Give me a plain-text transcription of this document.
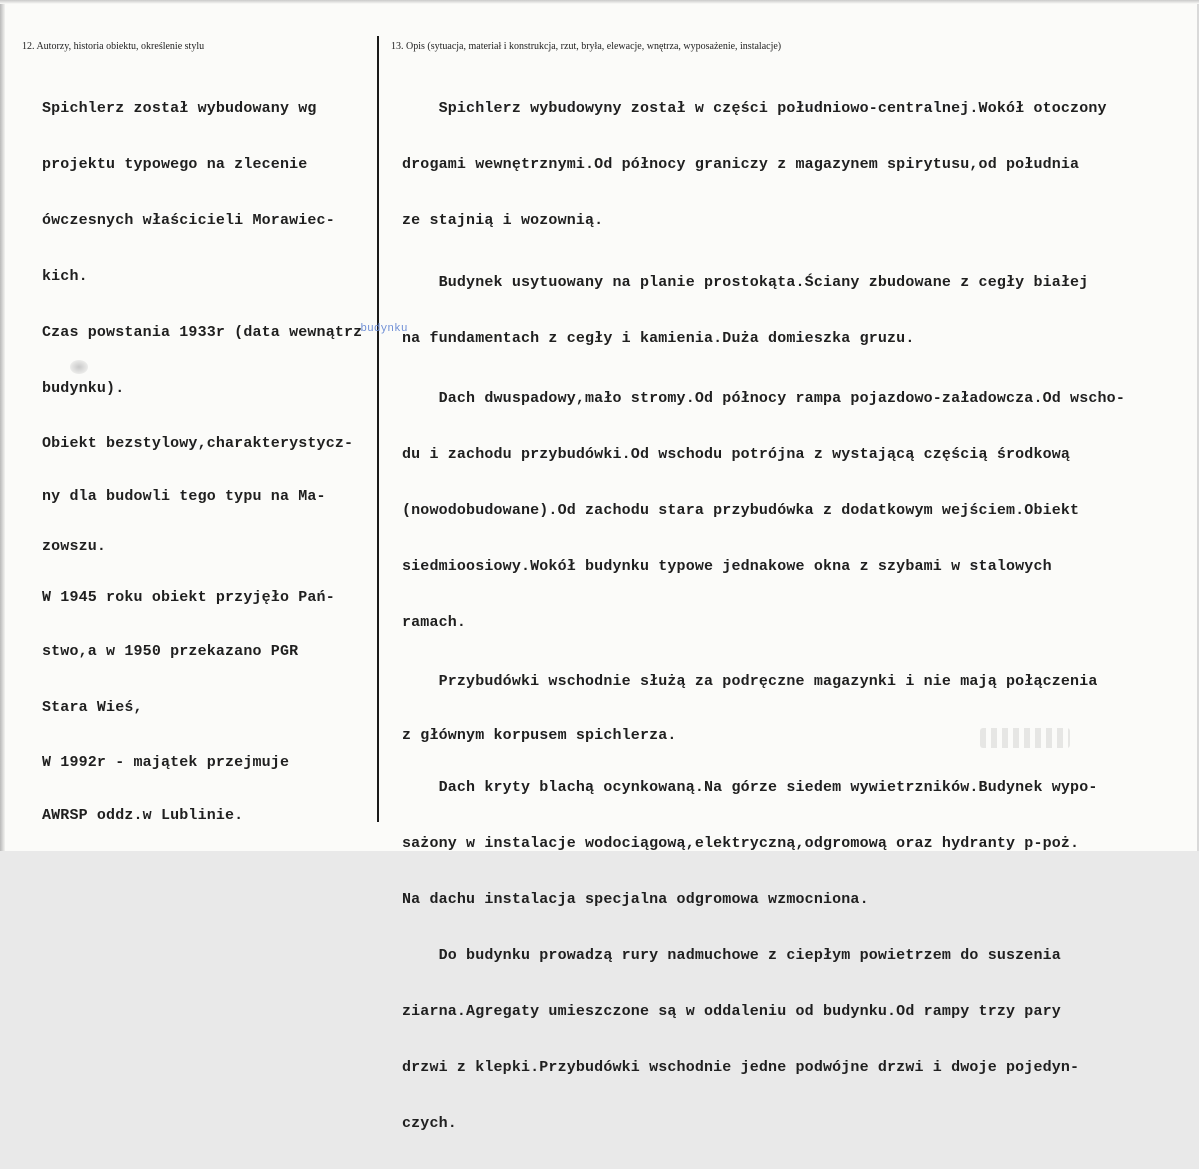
12. Autorzy, historia obiektu, określenie stylu	13. Opis (sytuacja, materiał i konstrukcja, rzut, bryła, elewacje, wnętrza, wyposażenie, instalacje)

Spichlerz został wybudowany wg

projektu typowego na zlecenie

ówczesnych właścicieli Morawiec-

kich.

Czas powstania 1933r (data wewnątrz$^{budynku}$

budynku).

Obiekt bezstylowy,charakterystycz-

ny dla budowli tego typu na Ma-

zowszu.

W 1945 roku obiekt przyjęło Pań-

stwo,a w 1950 przekazano PGR

Stara Wieś,

W 1992r - majątek przejmuje

AWRSP oddz.w Lublinie.

Spichlerz wybudowyny został w części południowo-centralnej.Wokół otoczony

drogami wewnętrznymi.Od północy graniczy z magazynem spirytusu,od południa

ze stajnią i wozownią.

Budynek usytuowany na planie prostokąta.Ściany zbudowane z cegły białej

na fundamentach z cegły i kamienia.Duża domieszka gruzu.

Dach dwuspadowy,mało stromy.Od północy rampa pojazdowo-załadowcza.Od wscho-

du i zachodu przybudówki.Od wschodu potrójna z wystającą częścią środkową

(nowodobudowane).Od zachodu stara przybudówka z dodatkowym wejściem.Obiekt

siedmioosiowy.Wokół budynku typowe jednakowe okna z szybami w stalowych

ramach.

Przybudówki wschodnie służą za podręczne magazynki i nie mają połączenia

z głównym korpusem spichlerza.

Dach kryty blachą ocynkowaną.Na górze siedem wywietrzników.Budynek wypo-

sażony w instalacje wodociągową,elektryczną,odgromową oraz hydranty p-poż.

Na dachu instalacja specjalna odgromowa wzmocniona.

Do budynku prowadzą rury nadmuchowe z ciepłym powietrzem do suszenia

ziarna.Agregaty umieszczone są w oddaleniu od budynku.Od rampy trzy pary

drzwi z klepki.Przybudówki wschodnie jedne podwójne drzwi i dwoje pojedyn-

czych.
